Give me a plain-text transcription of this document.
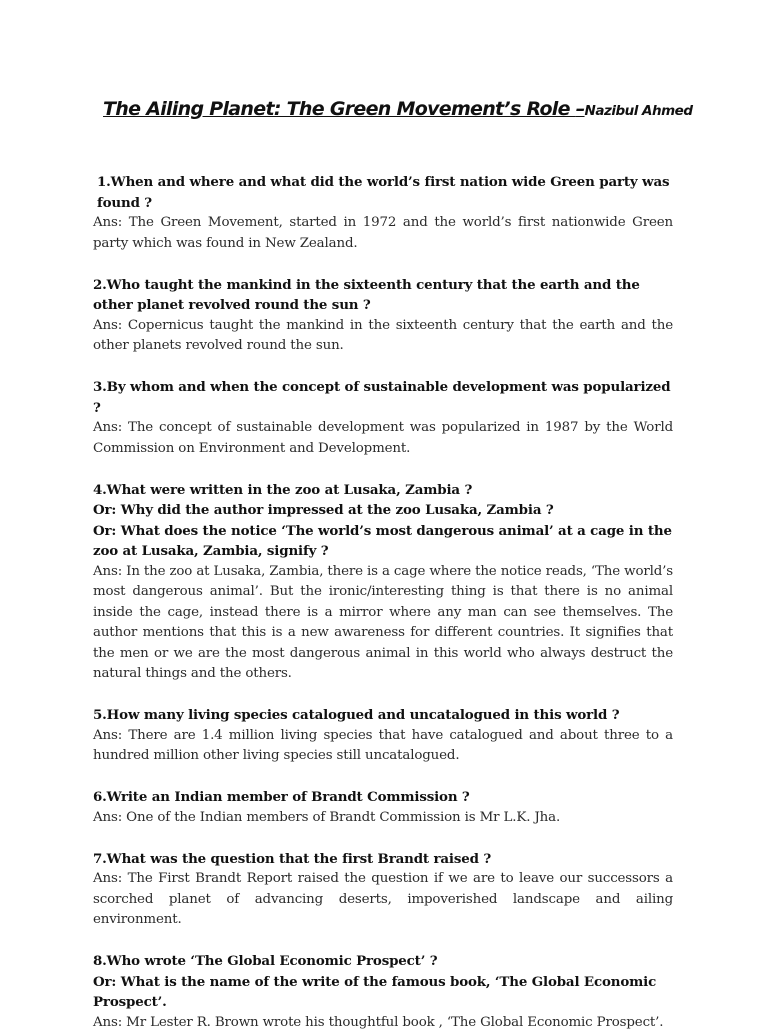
The Ailing Planet: The Green Movement’s Role –Nazibul Ahmed

1.When and where and what did the world’s first nation wide Green party was found ?

Ans: The Green Movement, started in 1972 and the world’s first nationwide Green party which was found in New Zealand.

2.Who taught the mankind in the sixteenth century that the earth and the other planet revolved round the sun ?

Ans: Copernicus taught the mankind in the sixteenth century that the earth and the other planets revolved round the sun.

3.By whom and when the concept of sustainable development was popularized ?

Ans: The concept of sustainable development was popularized in 1987 by the World Commission on Environment and Development.

4.What were written in the zoo at Lusaka, Zambia ?

Or: Why did the author impressed at the zoo Lusaka, Zambia ?

Or: What does the notice ‘The world’s most dangerous animal’ at a cage in the zoo at Lusaka, Zambia, signify ?

Ans: In the zoo at Lusaka, Zambia, there is a cage where the notice reads, ‘The world’s most dangerous animal’. But the ironic/interesting thing is that there is no animal inside the cage, instead there is a mirror where any man can see themselves. The author mentions that this is a new awareness for different countries. It signifies that the men or we are the most dangerous animal in this world who always destruct the natural things and the others.

5.How many living species catalogued and uncatalogued in this world ?

Ans: There are 1.4 million living species that have catalogued and about three to a hundred million other living species still uncatalogued.

6.Write an Indian member of Brandt Commission ?

Ans: One of the Indian members of Brandt Commission is Mr L.K. Jha.

7.What was the question that the first Brandt raised ?

Ans: The First Brandt Report raised the question if we are to leave our successors a scorched planet of advancing deserts, impoverished landscape and ailing environment.

8.Who wrote ‘The Global Economic Prospect’ ?

Or: What is the name of the write of the famous book, ‘The Global Economic Prospect’.

Ans: Mr Lester R. Brown wrote his thoughtful book , ‘The Global Economic Prospect’.
